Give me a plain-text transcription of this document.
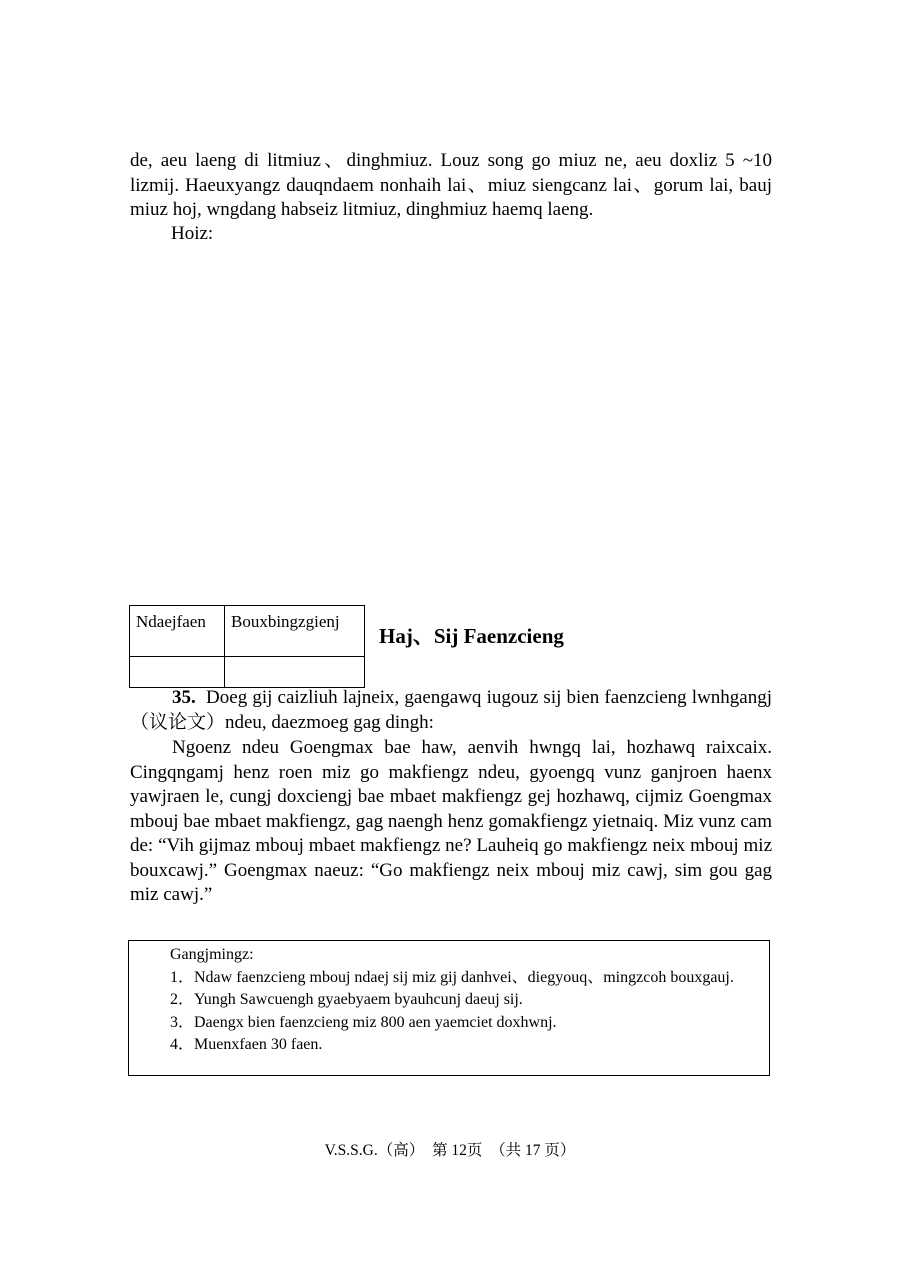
de, aeu laeng di litmiuz、dinghmiuz. Louz song go miuz ne, aeu doxliz 5 ~10 lizmij. Haeuxyangz dauqndaem nonhaih lai、miuz siengcanz lai、gorum lai, bauj miuz hoj, wngdang habseiz litmiuz, dinghmiuz haemq laeng.
Hoiz:
Ndaejfaen	Bouxbingzgienj

Haj、Sij Faenzcieng
35. Doeg gij caizliuh lajneix, gaengawq iugouz sij bien faenzcieng lwnhgangj（议论文）ndeu, daezmoeg gag dingh:
Ngoenz ndeu Goengmax bae haw, aenvih hwngq lai, hozhawq raixcaix. Cingqngamj henz roen miz go makfiengz ndeu, gyoengq vunz ganjroen haenx yawjraen le, cungj doxciengj bae mbaet makfiengz gej hozhawq, cijmiz Goengmax mbouj bae mbaet makfiengz, gag naengh henz gomakfiengz yietnaiq. Miz vunz cam de: “Vih gijmaz mbouj mbaet makfiengz ne? Lauheiq go makfiengz neix mbouj miz bouxcawj.” Goengmax naeuz: “Go makfiengz neix mbouj miz cawj, sim gou gag miz cawj.”
Gangjmingz:
1．Ndaw faenzcieng mbouj ndaej sij miz gij danhvei、diegyouq、mingzcoh bouxgauj.
2．Yungh Sawcuengh gyaebyaem byauhcunj daeuj sij.
3．Daengx bien faenzcieng miz 800 aen yaemciet doxhwnj.
4．Muenxfaen 30 faen.
V.S.S.G.（高）　第 12页　（共 17 页）
